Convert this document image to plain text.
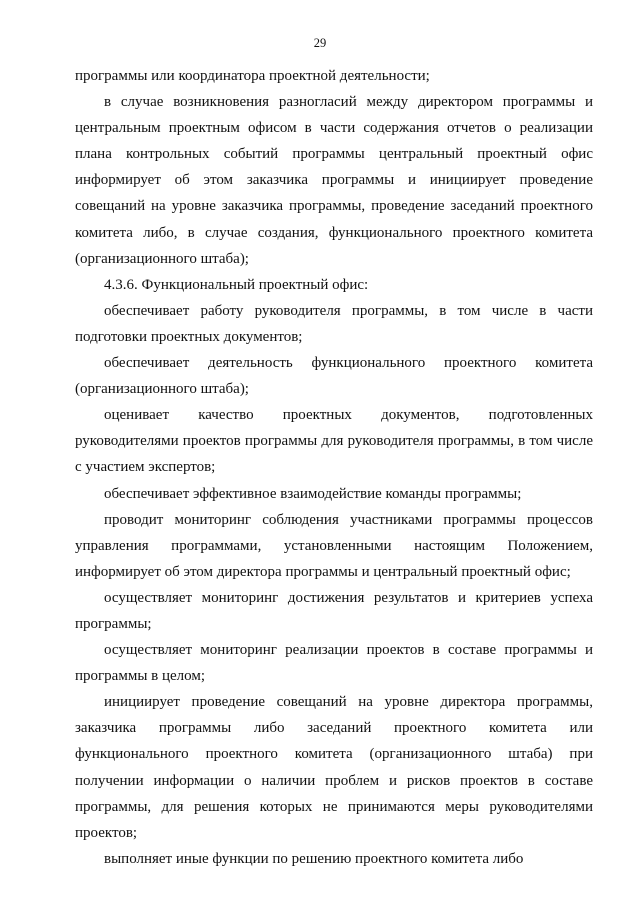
29

программы или координатора проектной деятельности;

в случае возникновения разногласий между директором программы и центральным проектным офисом в части содержания отчетов о реализации плана контрольных событий программы центральный проектный офис информирует об этом заказчика программы и инициирует проведение совещаний на уровне заказчика программы, проведение заседаний проектного комитета либо, в случае создания, функционального проектного комитета (организационного штаба);

4.3.6. Функциональный проектный офис:

обеспечивает работу руководителя программы, в том числе в части подготовки проектных документов;

обеспечивает деятельность функционального проектного комитета (организационного штаба);

оценивает качество проектных документов, подготовленных руководителями проектов программы для руководителя программы, в том числе с участием экспертов;

обеспечивает эффективное взаимодействие команды программы;

проводит мониторинг соблюдения участниками программы процессов управления программами, установленными настоящим Положением, информирует об этом директора программы и центральный проектный офис;

осуществляет мониторинг достижения результатов и критериев успеха программы;

осуществляет мониторинг реализации проектов в составе программы и программы в целом;

инициирует проведение совещаний на уровне директора программы, заказчика программы либо заседаний проектного комитета или функционального проектного комитета (организационного штаба) при получении информации о наличии проблем и рисков проектов в составе программы, для решения которых не принимаются меры руководителями проектов;

выполняет иные функции по решению проектного комитета либо
